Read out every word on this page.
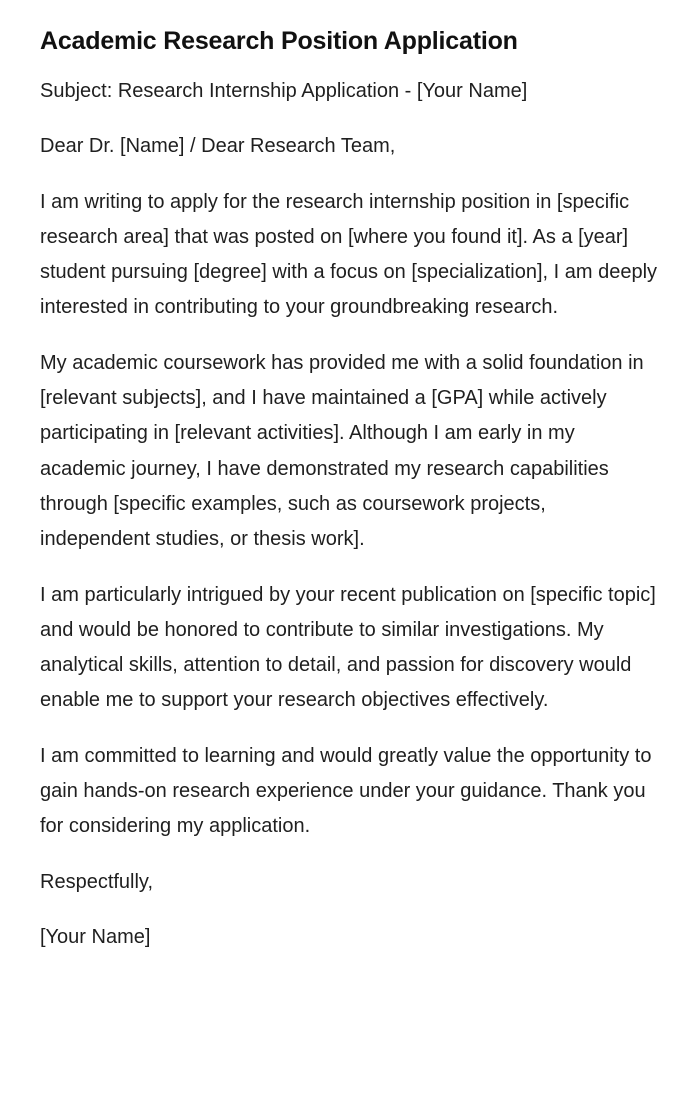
Academic Research Position Application

Subject: Research Internship Application - [Your Name]

Dear Dr. [Name] / Dear Research Team,

I am writing to apply for the research internship position in [specific research area] that was posted on [where you found it]. As a [year] student pursuing [degree] with a focus on [specialization], I am deeply interested in contributing to your groundbreaking research.

My academic coursework has provided me with a solid foundation in [relevant subjects], and I have maintained a [GPA] while actively participating in [relevant activities]. Although I am early in my academic journey, I have demonstrated my research capabilities through [specific examples, such as coursework projects, independent studies, or thesis work].

I am particularly intrigued by your recent publication on [specific topic] and would be honored to contribute to similar investigations. My analytical skills, attention to detail, and passion for discovery would enable me to support your research objectives effectively.

I am committed to learning and would greatly value the opportunity to gain hands-on research experience under your guidance. Thank you for considering my application.

Respectfully,

[Your Name]
